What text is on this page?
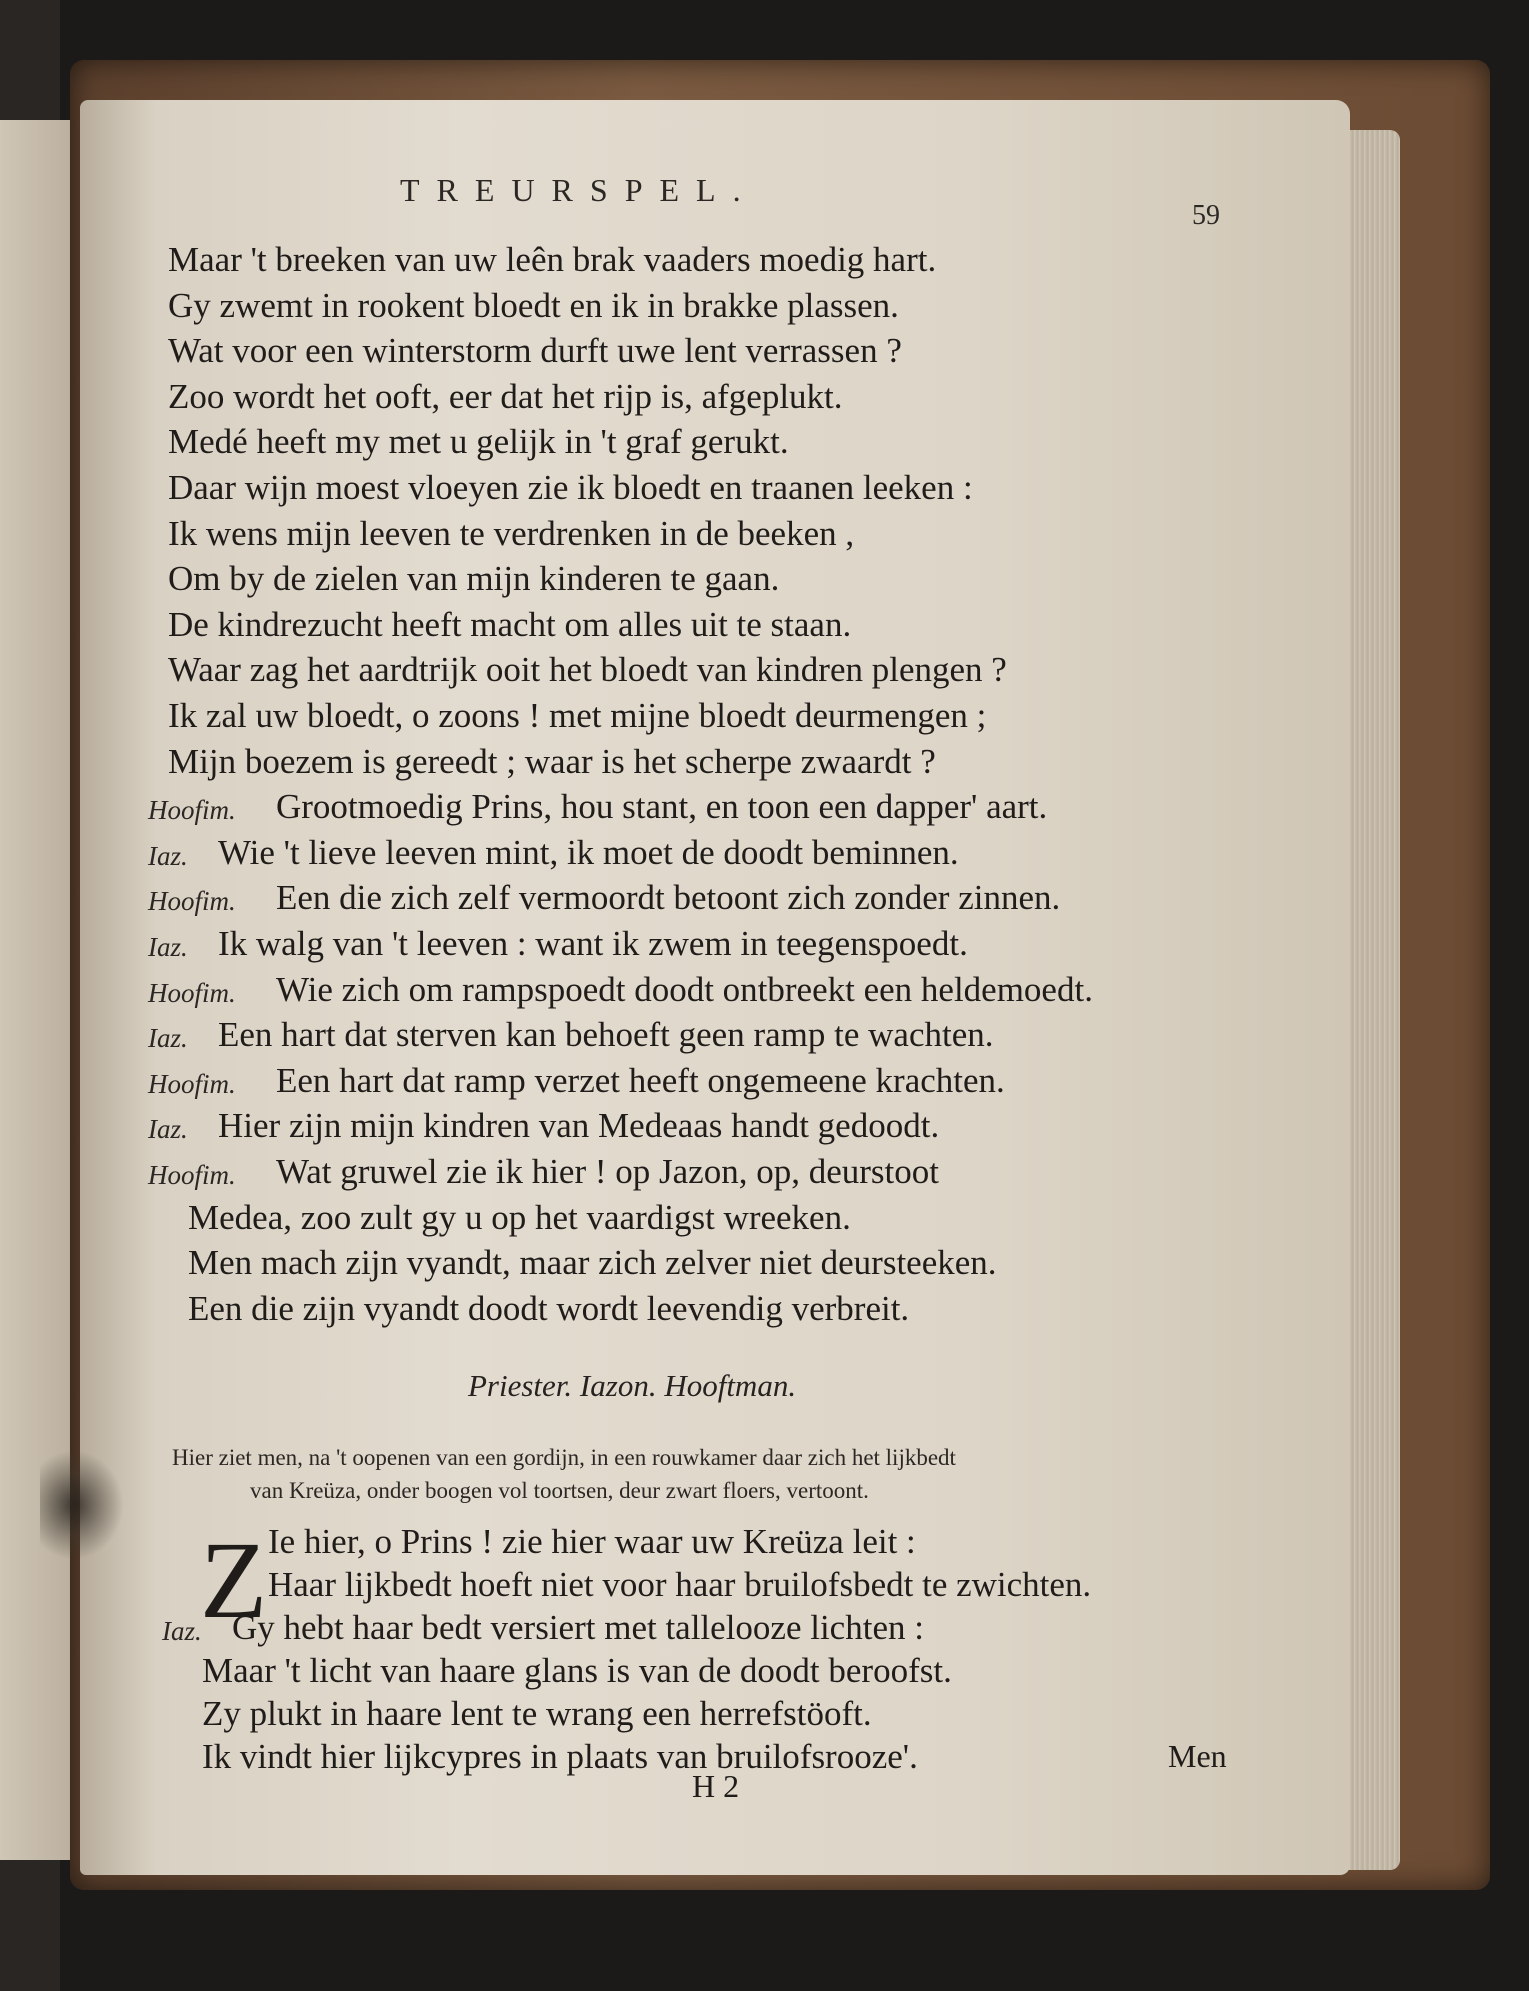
TREURSPEL.
59
Maar 't breeken van uw leên brak vaaders moedig hart.
Gy zwemt in rookent bloedt en ik in brakke plassen.
Wat voor een winterstorm durft uwe lent verrassen ?
Zoo wordt het ooft, eer dat het rijp is, afgeplukt.
Medé heeft my met u gelijk in 't graf gerukt.
Daar wijn moest vloeyen zie ik bloedt en traanen leeken :
Ik wens mijn leeven te verdrenken in de beeken ,
Om by de zielen van mijn kinderen te gaan.
De kindrezucht heeft macht om alles uit te staan.
Waar zag het aardtrijk ooit het bloedt van kindren plengen ?
Ik zal uw bloedt, o zoons ! met mijne bloedt deurmengen ;
Mijn boezem is gereedt ; waar is het scherpe zwaardt ?
Hoofim. Grootmoedig Prins, hou stant, en toon een dapper' aart.
Iaz. Wie 't lieve leeven mint, ik moet de doodt beminnen.
Hoofim. Een die zich zelf vermoordt betoont zich zonder zinnen.
Iaz. Ik walg van 't leeven : want ik zwem in teegenspoedt.
Hoofim. Wie zich om rampspoedt doodt ontbreekt een heldemoedt.
Iaz. Een hart dat sterven kan behoeft geen ramp te wachten.
Hoofim. Een hart dat ramp verzet heeft ongemeene krachten.
Iaz. Hier zijn mijn kindren van Medeaas handt gedoodt.
Hoofim. Wat gruwel zie ik hier ! op Jazon, op, deurstoot
Medea, zoo zult gy u op het vaardigst wreeken.
Men mach zijn vyandt, maar zich zelver niet deursteeken.
Een die zijn vyandt doodt wordt leevendig verbreit.
Priester. Iazon. Hooftman.
Hier ziet men, na 't oopenen van een gordijn, in een rouwkamer daar zich het lijkbedt
van Kreüza, onder boogen vol toortsen, deur zwart floers, vertoont.
Z Ie hier, o Prins ! zie hier waar uw Kreüza leit :
Haar lijkbedt hoeft niet voor haar bruilofsbedt te zwichten.
Iaz. Gy hebt haar bedt versiert met tallelooze lichten :
Maar 't licht van haare glans is van de doodt beroofst.
Zy plukt in haare lent te wrang een herrefstöoft.
Ik vindt hier lijkcypres in plaats van bruilofsrooze'.	Men
H 2
